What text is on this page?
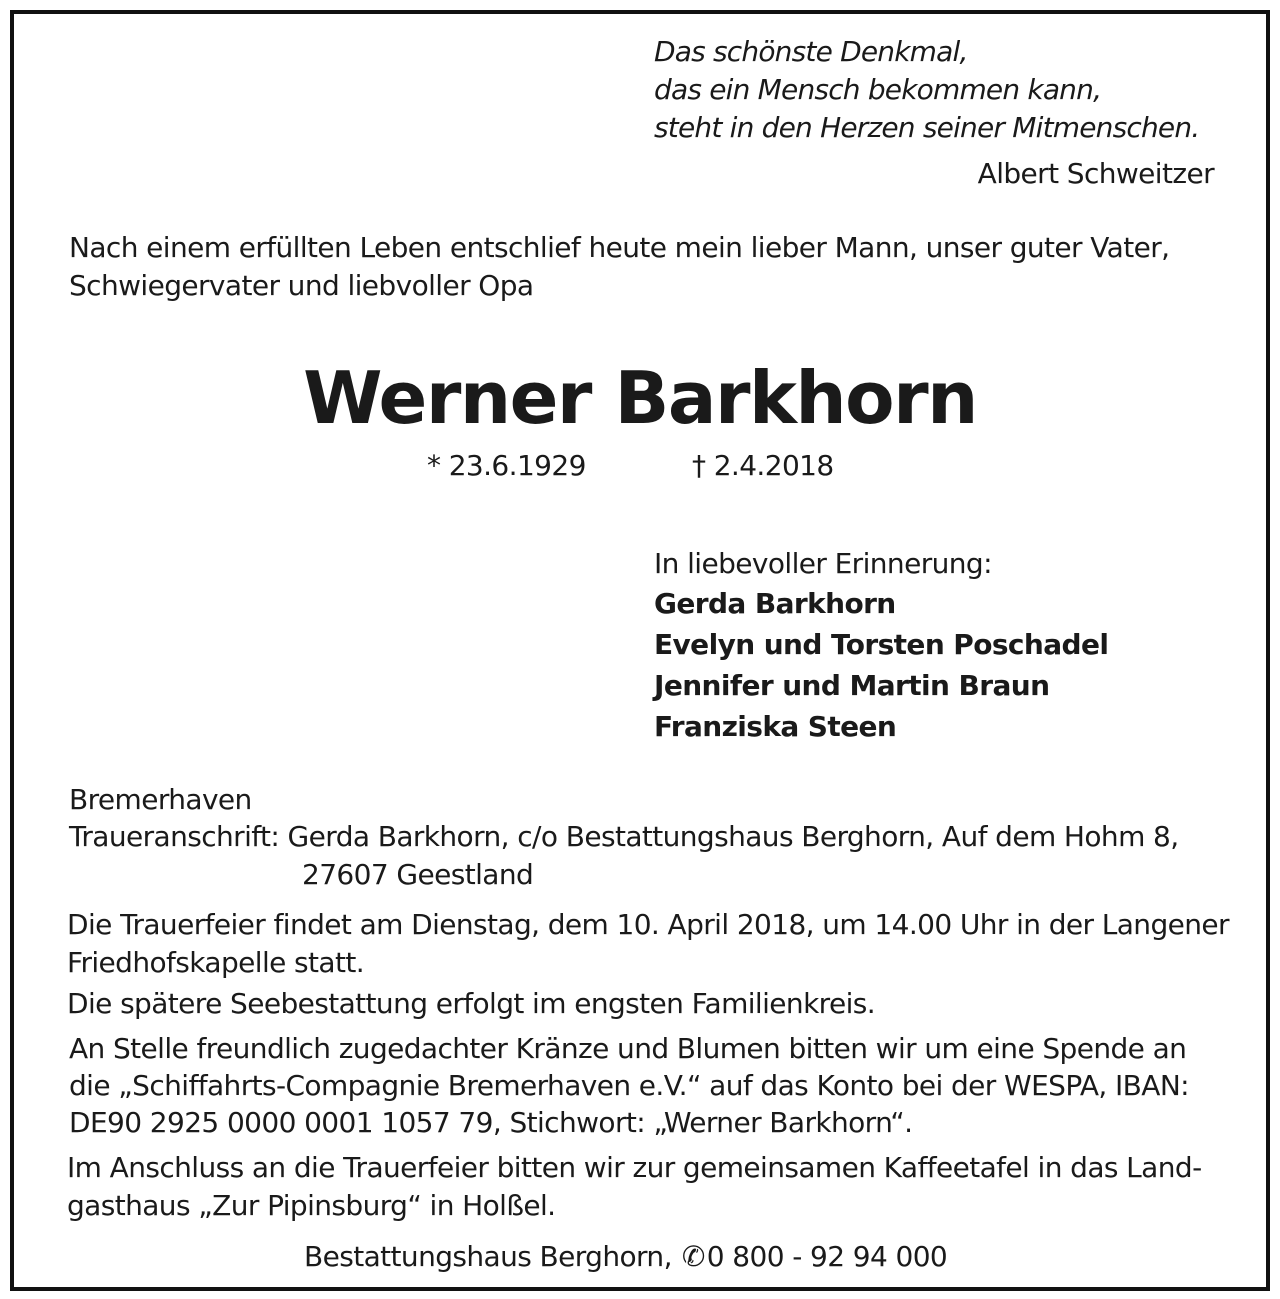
Das schönste Denkmal,
das ein Mensch bekommen kann,
steht in den Herzen seiner Mitmenschen.
Albert Schweitzer
Nach einem erfüllten Leben entschlief heute mein lieber Mann, unser guter Vater,
Schwiegervater und liebvoller Opa
Werner Barkhorn
* 23.6.1929	† 2.4.2018
In liebevoller Erinnerung:
Gerda Barkhorn
Evelyn und Torsten Poschadel
Jennifer und Martin Braun
Franziska Steen
Bremerhaven
Traueranschrift: Gerda Barkhorn, c/o Bestattungshaus Berghorn, Auf dem Hohm 8,
27607 Geestland
Die Trauerfeier findet am Dienstag, dem 10. April 2018, um 14.00 Uhr in der Langener
Friedhofskapelle statt.
Die spätere Seebestattung erfolgt im engsten Familienkreis.
An Stelle freundlich zugedachter Kränze und Blumen bitten wir um eine Spende an
die „Schiffahrts-Compagnie Bremerhaven e.V.“ auf das Konto bei der WESPA, IBAN:
DE90 2925 0000 0001 1057 79, Stichwort: „Werner Barkhorn“.
Im Anschluss an die Trauerfeier bitten wir zur gemeinsamen Kaffeetafel in das Land-
gasthaus „Zur Pipinsburg“ in Holßel.
Bestattungshaus Berghorn, ✆0 800 - 92 94 000
